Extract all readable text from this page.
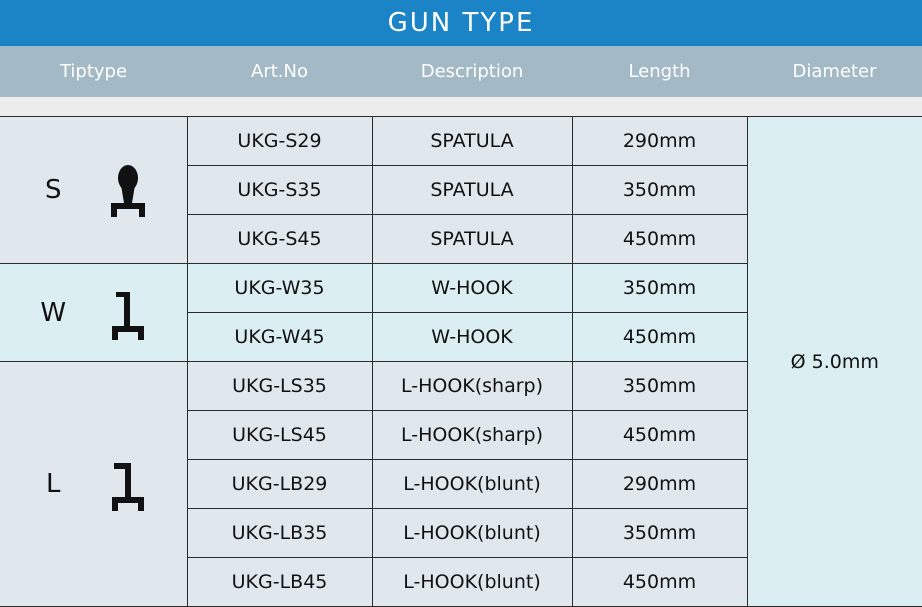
GUN TYPE
Tiptype	Art.No	Description	Length	Diameter
S	UKG-S29	SPATULA	290mm	Ø 5.0mm
	UKG-S35	SPATULA	350mm	
	UKG-S45	SPATULA	450mm	

W	UKG-W35	W-HOOK	350mm	
	UKG-W45	W-HOOK	450mm	

L	UKG-LS35	L-HOOK(sharp)	350mm	
	UKG-LS45	L-HOOK(sharp)	450mm	
	UKG-LB29	L-HOOK(blunt)	290mm	
	UKG-LB35	L-HOOK(blunt)	350mm	
	UKG-LB45	L-HOOK(blunt)	450mm	
